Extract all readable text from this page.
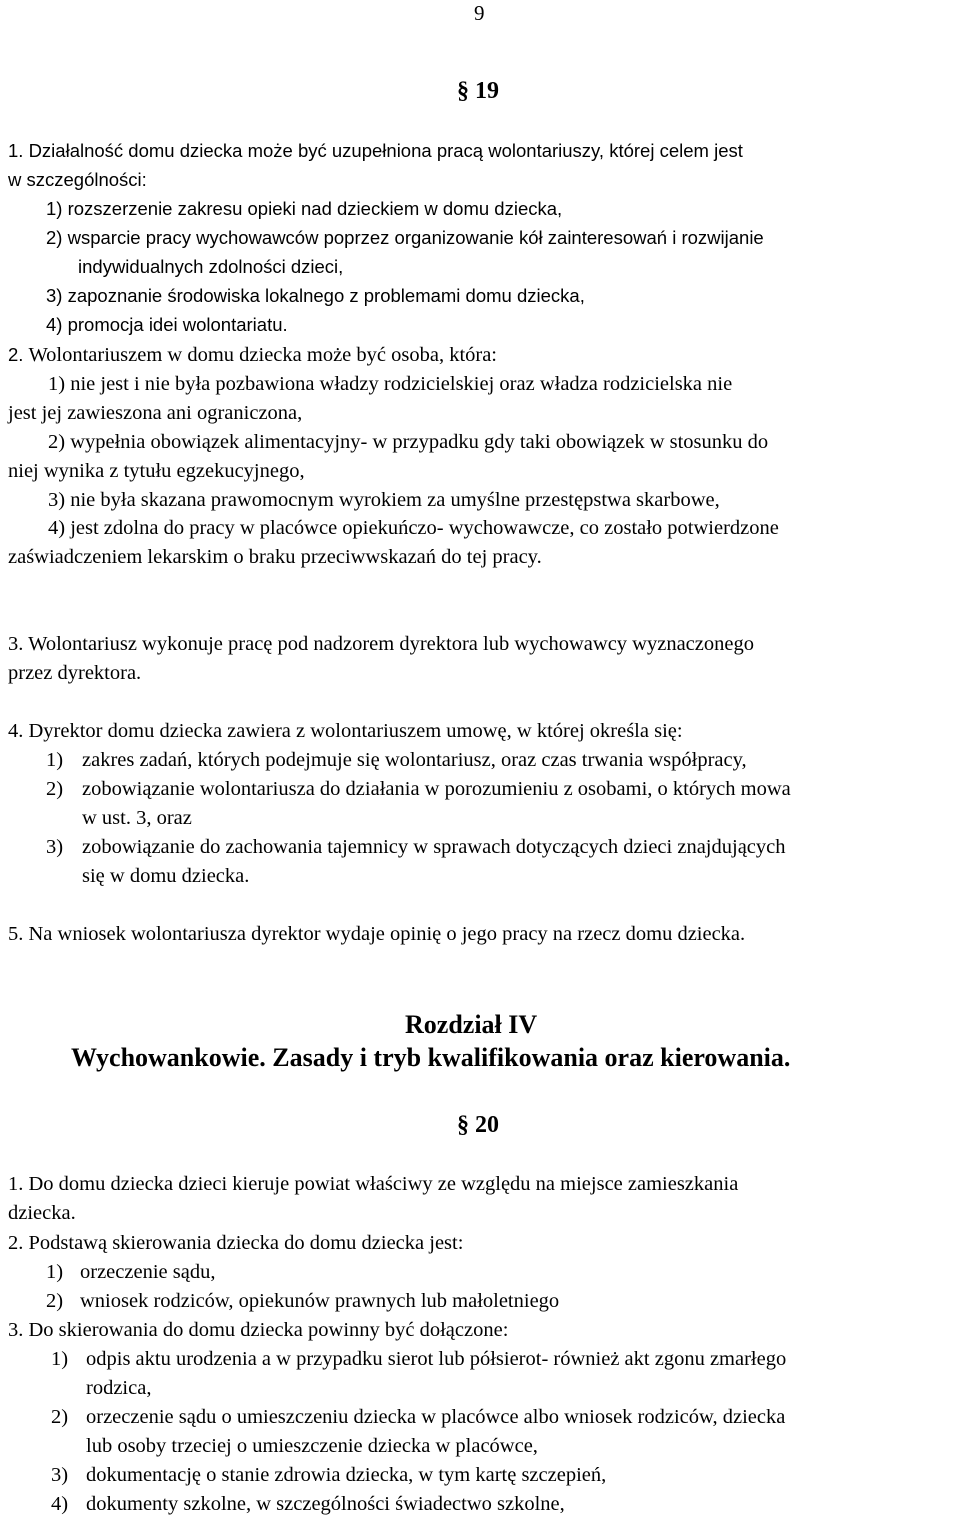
9
§ 19
1. Działalność domu dziecka może być uzupełniona pracą wolontariuszy, której celem jest
w szczególności:
1) rozszerzenie zakresu opieki nad dzieckiem w domu dziecka,
2) wsparcie pracy wychowawców poprzez organizowanie kół zainteresowań i rozwijanie
indywidualnych zdolności dzieci,
3) zapoznanie środowiska lokalnego z problemami domu dziecka,
4) promocja idei wolontariatu.
2. Wolontariuszem w domu dziecka może być osoba, która:
1) nie jest i nie była pozbawiona władzy rodzicielskiej oraz władza rodzicielska nie
jest jej zawieszona ani ograniczona,
2) wypełnia obowiązek alimentacyjny- w przypadku gdy taki obowiązek w stosunku do
niej wynika z tytułu egzekucyjnego,
3) nie była skazana prawomocnym wyrokiem za umyślne przestępstwa skarbowe,
4) jest zdolna do pracy w placówce opiekuńczo- wychowawcze, co zostało potwierdzone
zaświadczeniem lekarskim o braku przeciwwskazań do tej pracy.
3. Wolontariusz wykonuje pracę pod nadzorem dyrektora lub wychowawcy wyznaczonego
przez dyrektora.
4. Dyrektor domu dziecka zawiera z wolontariuszem umowę, w której określa się:
1) zakres zadań, których podejmuje się wolontariusz, oraz czas trwania współpracy,
2) zobowiązanie wolontariusza do działania w porozumieniu z osobami, o których mowa
w ust. 3, oraz
3) zobowiązanie do zachowania tajemnicy w sprawach dotyczących dzieci znajdujących
się w domu dziecka.
5. Na wniosek wolontariusza dyrektor wydaje opinię o jego pracy na rzecz domu dziecka.
Rozdział IV
Wychowankowie. Zasady i tryb kwalifikowania oraz kierowania.
§ 20
1. Do domu dziecka dzieci kieruje powiat właściwy ze względu na miejsce zamieszkania
dziecka.
2. Podstawą skierowania dziecka do domu dziecka jest:
1) orzeczenie sądu,
2) wniosek rodziców, opiekunów prawnych lub małoletniego
3. Do skierowania do domu dziecka powinny być dołączone:
1) odpis aktu urodzenia a w przypadku sierot lub półsierot- również akt zgonu zmarłego
rodzica,
2) orzeczenie sądu o umieszczeniu dziecka w placówce albo wniosek rodziców, dziecka
lub osoby trzeciej o umieszczenie dziecka w placówce,
3) dokumentację o stanie zdrowia dziecka, w tym kartę szczepień,
4) dokumenty szkolne, w szczególności świadectwo szkolne,
